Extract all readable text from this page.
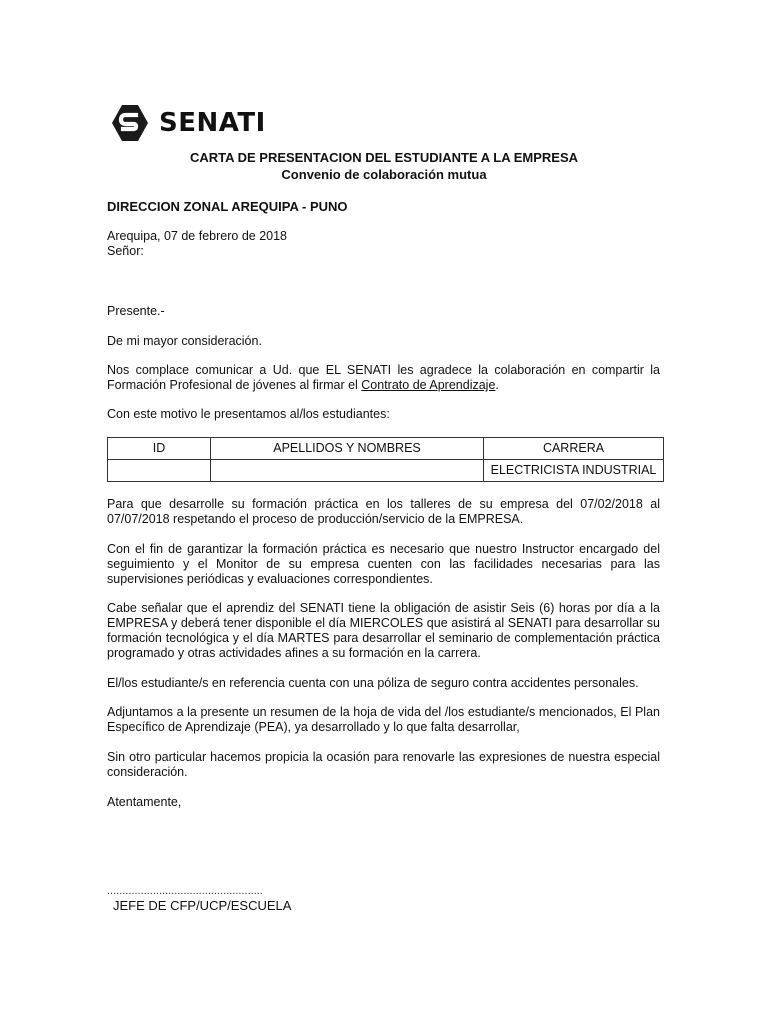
SENATI
CARTA DE PRESENTACION DEL ESTUDIANTE A LA EMPRESA
Convenio de colaboración mutua
DIRECCION ZONAL AREQUIPA - PUNO
Arequipa, 07 de febrero de 2018
Señor:
Presente.-
De mi mayor consideración.
Nos complace comunicar a Ud. que EL SENATI les agradece la colaboración en compartir la Formación Profesional de jóvenes al firmar el Contrato de Aprendizaje.
Con este motivo le presentamos al/los estudiantes:
ID	APELLIDOS Y NOMBRES	CARRERA
		ELECTRICISTA INDUSTRIAL
Para que desarrolle su formación práctica en los talleres de su empresa del 07/02/2018 al 07/07/2018 respetando el proceso de producción/servicio de la EMPRESA.
Con el fin de garantizar la formación práctica es necesario que nuestro Instructor encargado del seguimiento y el Monitor de su empresa cuenten con las facilidades necesarias para las supervisiones periódicas y evaluaciones correspondientes.
Cabe señalar que el aprendiz del SENATI tiene la obligación de asistir Seis (6) horas por día a la EMPRESA y deberá tener disponible el día MIERCOLES que asistirá al SENATI para desarrollar su formación tecnológica y el día MARTES para desarrollar el seminario de complementación práctica programado y otras actividades afines a su formación en la carrera.
El/los estudiante/s en referencia cuenta con una póliza de seguro contra accidentes personales.
Adjuntamos a la presente un resumen de la hoja de vida del /los estudiante/s mencionados, El Plan Específico de Aprendizaje (PEA), ya desarrollado y lo que falta desarrollar,
Sin otro particular hacemos propicia la ocasión para renovarle las expresiones de nuestra especial consideración.
Atentamente,
...................................................
JEFE DE CFP/UCP/ESCUELA
